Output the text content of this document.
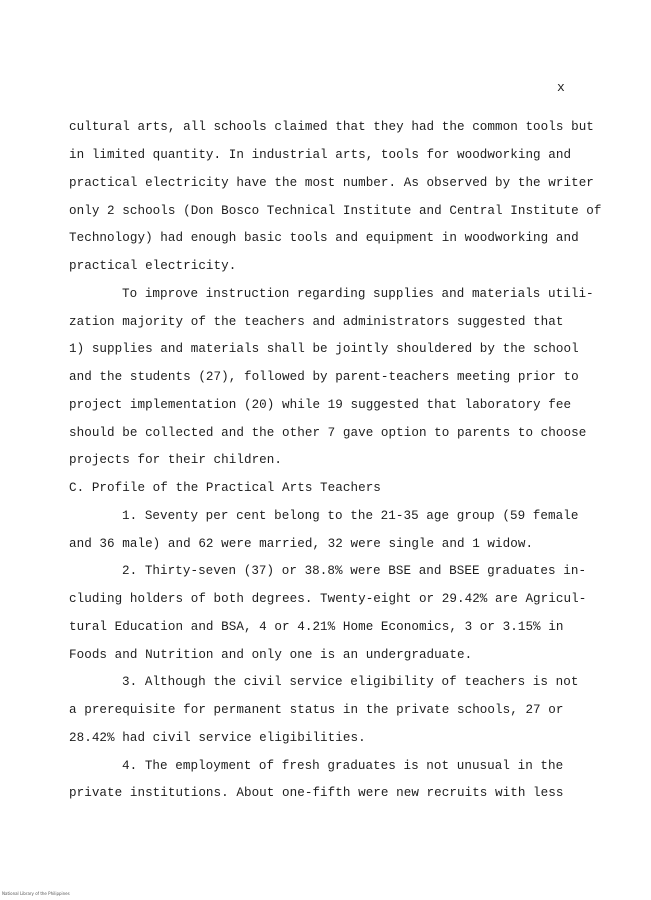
x
cultural arts, all schools claimed that they had the common tools but
in limited quantity. In industrial arts, tools for woodworking and
practical electricity have the most number. As observed by the writer
only 2 schools (Don Bosco Technical Institute and Central Institute of
Technology) had enough basic tools and equipment in woodworking and
practical electricity.
To improve instruction regarding supplies and materials utili-
zation majority of the teachers and administrators suggested that
1) supplies and materials shall be jointly shouldered by the school
and the students (27), followed by parent-teachers meeting prior to
project implementation (20) while 19 suggested that laboratory fee
should be collected and the other 7 gave option to parents to choose
projects for their children.
C. Profile of the Practical Arts Teachers
1. Seventy per cent belong to the 21-35 age group (59 female
and 36 male) and 62 were married, 32 were single and 1 widow.
2. Thirty-seven (37) or 38.8% were BSE and BSEE graduates in-
cluding holders of both degrees. Twenty-eight or 29.42% are Agricul-
tural Education and BSA, 4 or 4.21% Home Economics, 3 or 3.15% in
Foods and Nutrition and only one is an undergraduate.
3. Although the civil service eligibility of teachers is not
a prerequisite for permanent status in the private schools, 27 or
28.42% had civil service eligibilities.
4. The employment of fresh graduates is not unusual in the
private institutions. About one-fifth were new recruits with less
National Library of the Philippines
